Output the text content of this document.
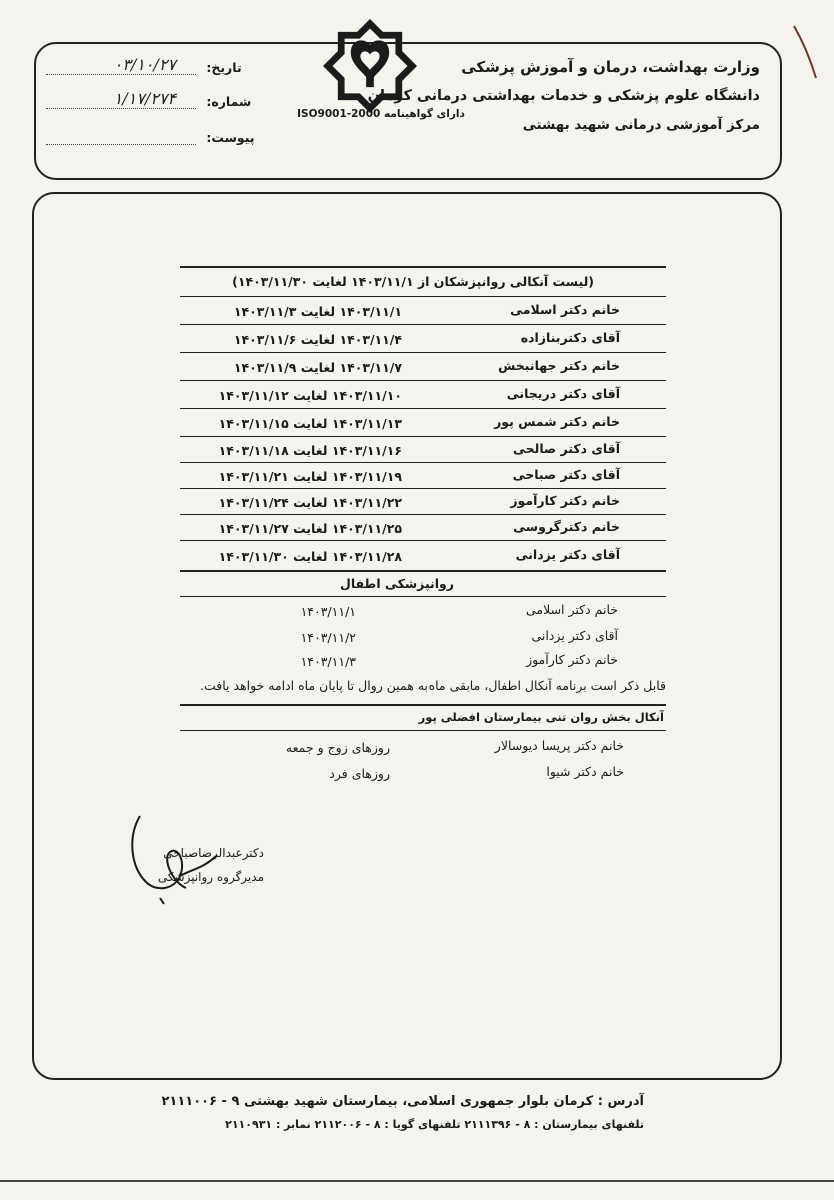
وزارت بهداشت، درمان و آموزش پزشکی
دانشگاه علوم پزشکی و خدمات بهداشتی درمانی کرمان
مرکز آموزشی درمانی شهید بهشتی
دارای گواهینامه ISO9001-2000
تاریخ:
۰۳/۱۰/۲۷
شماره:
۱/۱۷/۲۷۴
پیوست:
(لیست آنکالی روانپزشکان از ۱۴۰۳/۱۱/۱ لغایت ۱۴۰۳/۱۱/۳۰)
خانم دکتر اسلامی
۱۴۰۳/۱۱/۱ لغایت ۱۴۰۳/۱۱/۳
آقای دکتربنازاده
۱۴۰۳/۱۱/۴ لغایت ۱۴۰۳/۱۱/۶
خانم دکتر جهانبخش
۱۴۰۳/۱۱/۷ لغایت ۱۴۰۳/۱۱/۹
آقای دکتر دریجانی
۱۴۰۳/۱۱/۱۰ لغایت ۱۴۰۳/۱۱/۱۲
خانم دکتر شمس پور
۱۴۰۳/۱۱/۱۳ لغایت ۱۴۰۳/۱۱/۱۵
آقای دکتر صالحی
۱۴۰۳/۱۱/۱۶ لغایت ۱۴۰۳/۱۱/۱۸
آقای دکتر صباحی
۱۴۰۳/۱۱/۱۹ لغایت ۱۴۰۳/۱۱/۲۱
خانم دکتر کارآموز
۱۴۰۳/۱۱/۲۲ لغایت ۱۴۰۳/۱۱/۲۴
خانم دکترگروسی
۱۴۰۳/۱۱/۲۵ لغایت ۱۴۰۳/۱۱/۲۷
آقای دکتر یزدانی
۱۴۰۳/۱۱/۲۸ لغایت ۱۴۰۳/۱۱/۳۰
روانپزشکی اطفال
خانم دکتر اسلامی
۱۴۰۳/۱۱/۱
آقای دکتر یزدانی
۱۴۰۳/۱۱/۲
خانم دکتر کارآموز
۱۴۰۳/۱۱/۳
قابل ذکر است برنامه آنکال اطفال، مابقی ماه
به همین روال تا پایان ماه ادامه خواهد یافت.
آنکال بخش روان تنی بیمارستان افضلی پور
خانم دکتر پریسا دیوسالار
روزهای زوج و جمعه
خانم دکتر شیوا
روزهای فرد
دکترعبدالرضاصباحی
مدیرگروه روانپزشکی
آدرس : کرمان بلوار جمهوری اسلامی، بیمارستان شهید بهشتی ۹ - ۲۱۱۱۰۰۶
تلفنهای بیمارستان : ۸ - ۲۱۱۱۳۹۶ تلفنهای گویا : ۸ - ۲۱۱۲۰۰۶ نمابر : ۲۱۱۰۹۳۱
